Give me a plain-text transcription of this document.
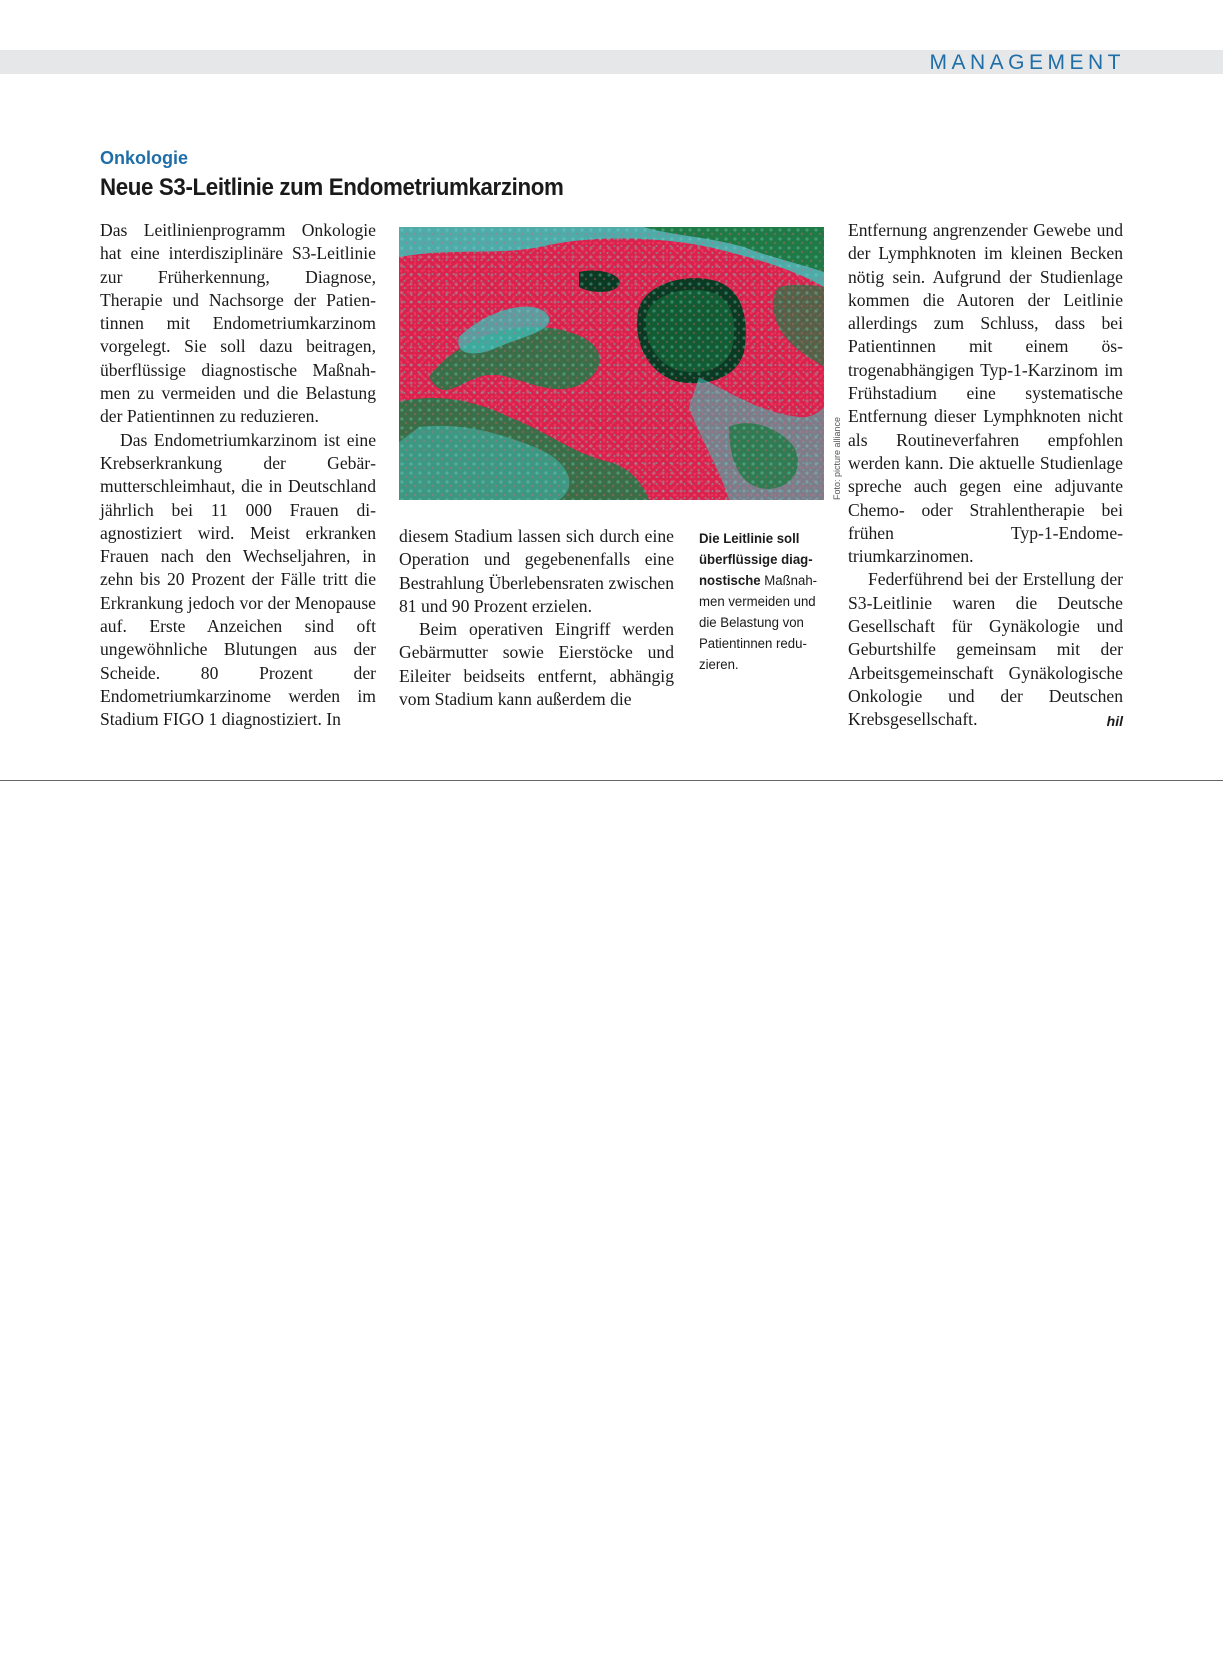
MANAGEMENT
Onkologie
Neue S3-Leitlinie zum Endometriumkarzinom

Das Leitlinienprogramm Onkologie hat eine interdisziplinäre S3-Leitlinie zur Früherkennung, Diagnose, Therapie und Nachsorge der Patientinnen mit Endometriumkarzinom vorgelegt. Sie soll dazu beitragen, überflüssige diagnostische Maßnahmen zu vermeiden und die Belastung der Patientinnen zu reduzieren.

Das Endometriumkarzinom ist eine Krebserkrankung der Gebärmutterschleimhaut, die in Deutschland jährlich bei 11 000 Frauen diagnostiziert wird. Meist erkranken Frauen nach den Wechseljahren, in zehn bis 20 Prozent der Fälle tritt die Erkrankung jedoch vor der Menopause auf. Erste Anzeichen sind oft ungewöhnliche Blutungen aus der Scheide. 80 Prozent der Endometriumkarzinome werden im Stadium FIGO 1 diagnostiziert. In

Foto: picture alliance

diesem Stadium lassen sich durch eine Operation und gegebenenfalls eine Bestrahlung Überlebensraten zwischen 81 und 90 Prozent erzielen.

Beim operativen Eingriff werden Gebärmutter sowie Eierstöcke und Eileiter beidseits entfernt, abhängig vom Stadium kann außerdem die

Die Leitlinie soll überflüssige diagnostische Maßnahmen vermeiden und die Belastung von Patientinnen reduzieren.

Entfernung angrenzender Gewebe und der Lymphknoten im kleinen Becken nötig sein. Aufgrund der Studienlage kommen die Autoren der Leitlinie allerdings zum Schluss, dass bei Patientinnen mit einem östrogenabhängigen Typ-1-Karzinom im Frühstadium eine systematische Entfernung dieser Lymphknoten nicht als Routineverfahren empfohlen werden kann. Die aktuelle Studienlage spreche auch gegen eine adjuvante Chemo- oder Strahlentherapie bei frühen Typ-1-Endometriumkarzinomen.

Federführend bei der Erstellung der S3-Leitlinie waren die Deutsche Gesellschaft für Gynäkologie und Geburtshilfe gemeinsam mit der Arbeitsgemeinschaft Gynäkologische Onkologie und der Deutschen Krebsgesellschaft.	hil
